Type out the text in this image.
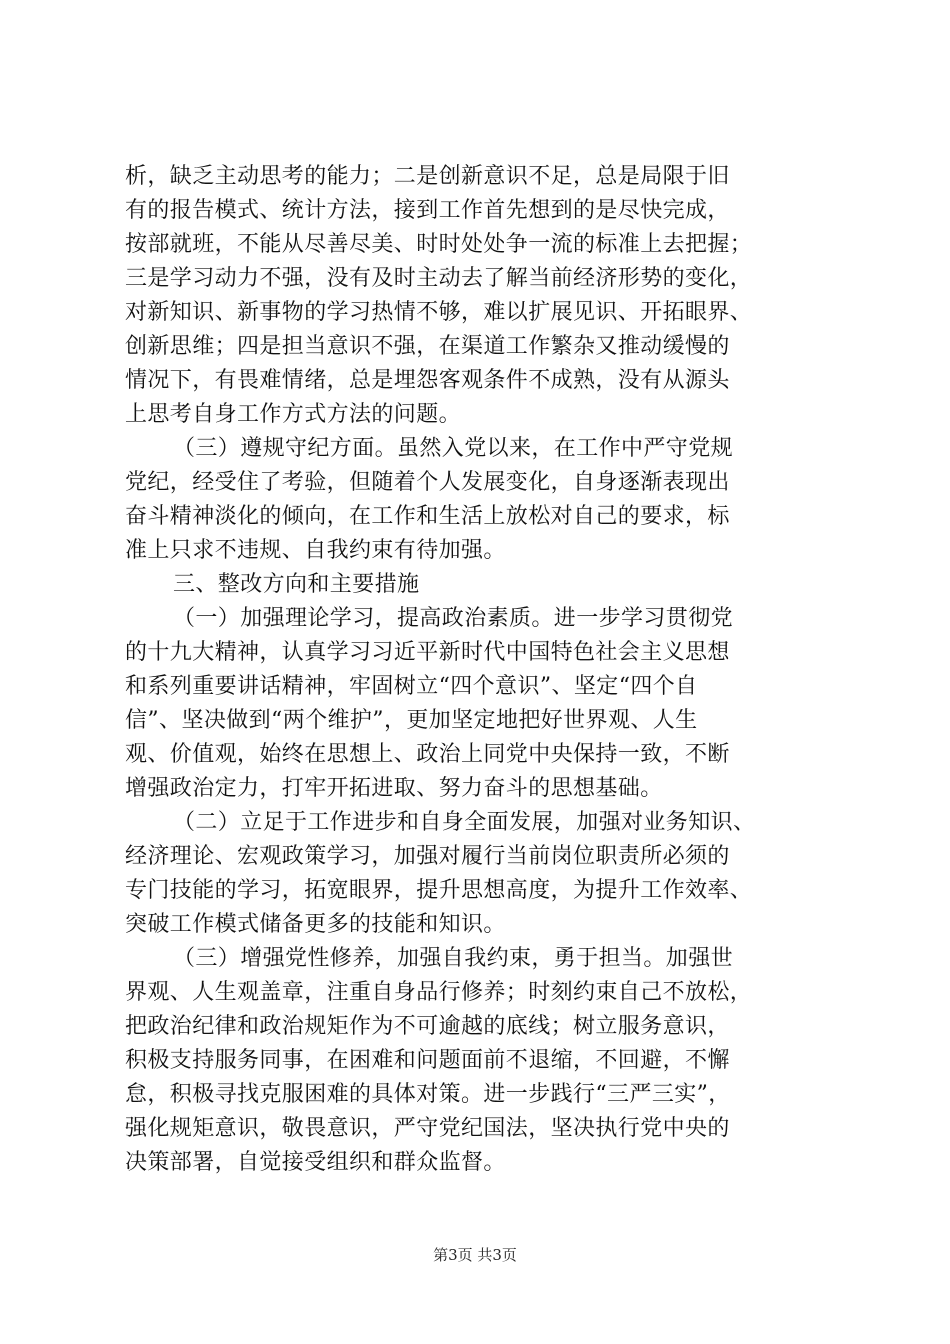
析，缺乏主动思考的能力；二是创新意识不足，总是局限于旧
有的报告模式、统计方法，接到工作首先想到的是尽快完成，
按部就班，不能从尽善尽美、时时处处争一流的标准上去把握；
三是学习动力不强，没有及时主动去了解当前经济形势的变化，
对新知识、新事物的学习热情不够，难以扩展见识、开拓眼界、
创新思维；四是担当意识不强，在渠道工作繁杂又推动缓慢的
情况下，有畏难情绪，总是埋怨客观条件不成熟，没有从源头
上思考自身工作方式方法的问题。
（三）遵规守纪方面。虽然入党以来，在工作中严守党规
党纪，经受住了考验，但随着个人发展变化，自身逐渐表现出
奋斗精神淡化的倾向，在工作和生活上放松对自己的要求，标
准上只求不违规、自我约束有待加强。
三、整改方向和主要措施
（一）加强理论学习，提高政治素质。进一步学习贯彻党
的十九大精神，认真学习习近平新时代中国特色社会主义思想
和系列重要讲话精神，牢固树立“四个意识”、坚定“四个自
信”、坚决做到“两个维护”，更加坚定地把好世界观、人生
观、价值观，始终在思想上、政治上同党中央保持一致，不断
增强政治定力，打牢开拓进取、努力奋斗的思想基础。
（二）立足于工作进步和自身全面发展，加强对业务知识、
经济理论、宏观政策学习，加强对履行当前岗位职责所必须的
专门技能的学习，拓宽眼界，提升思想高度，为提升工作效率、
突破工作模式储备更多的技能和知识。
（三）增强党性修养，加强自我约束，勇于担当。加强世
界观、人生观盖章，注重自身品行修养；时刻约束自己不放松，
把政治纪律和政治规矩作为不可逾越的底线；树立服务意识，
积极支持服务同事，在困难和问题面前不退缩，不回避，不懈
怠，积极寻找克服困难的具体对策。进一步践行“三严三实”，
强化规矩意识，敬畏意识，严守党纪国法，坚决执行党中央的
决策部署，自觉接受组织和群众监督。
第3页 共3页
